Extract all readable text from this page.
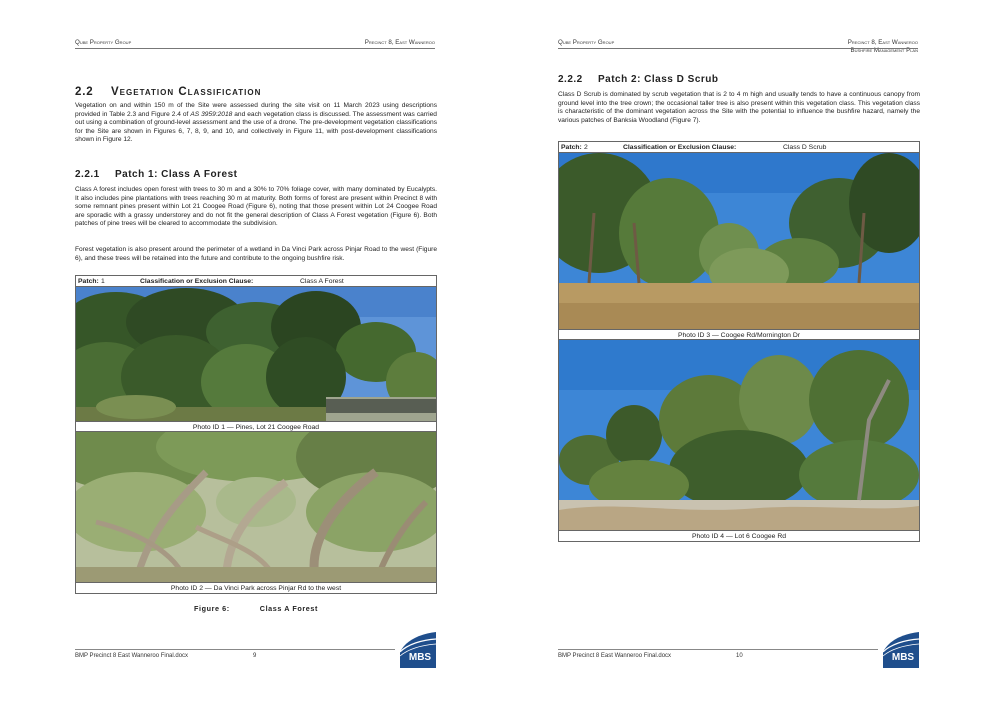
Qube Property Group	Precinct 8, East Wanneroo
2.2 Vegetation Classification
Vegetation on and within 150 m of the Site were assessed during the site visit on 11 March 2023 using descriptions provided in Table 2.3 and Figure 2.4 of AS 3959:2018 and each vegetation class is discussed. The assessment was carried out using a combination of ground-level assessment and the use of a drone. The pre-development vegetation classifications for the Site are shown in Figures 6, 7, 8, 9, and 10, and collectively in Figure 11, with post-development classifications shown in Figure 12.
2.2.1 Patch 1: Class A Forest
Class A forest includes open forest with trees to 30 m and a 30% to 70% foliage cover, with many dominated by Eucalypts. It also includes pine plantations with trees reaching 30 m at maturity. Both forms of forest are present within Precinct 8 with some remnant pines present within Lot 21 Coogee Road (Figure 6), noting that those present within Lot 24 Coogee Road are sporadic with a grassy understorey and do not fit the general description of Class A Forest vegetation (Figure 6). Both patches of pine trees will be cleared to accommodate the subdivision.
Forest vegetation is also present around the perimeter of a wetland in Da Vinci Park across Pinjar Road to the west (Figure 6), and these trees will be retained into the future and contribute to the ongoing bushfire risk.
Patch: 1	Classification or Exclusion Clause:	Class A Forest
Photo ID 1 — Pines, Lot 21 Coogee Road
Photo ID 2 — Da Vinci Park across Pinjar Rd to the west
Figure 6:	Class A Forest
BMP Precinct 8 East Wanneroo Final.docx	9	MBS
Qube Property Group	Precinct 8, East Wanneroo
Bushfire Management Plan
2.2.2 Patch 2: Class D Scrub
Class D Scrub is dominated by scrub vegetation that is 2 to 4 m high and usually tends to have a continuous canopy from ground level into the tree crown; the occasional taller tree is also present within this vegetation class. This vegetation class is characteristic of the dominant vegetation across the Site with the potential to influence the bushfire hazard, namely the various patches of Banksia Woodland (Figure 7).
Patch: 2	Classification or Exclusion Clause:	Class D Scrub
Photo ID 3 — Coogee Rd/Mornington Dr
Photo ID 4 — Lot 6 Coogee Rd
BMP Precinct 8 East Wanneroo Final.docx	10	MBS
